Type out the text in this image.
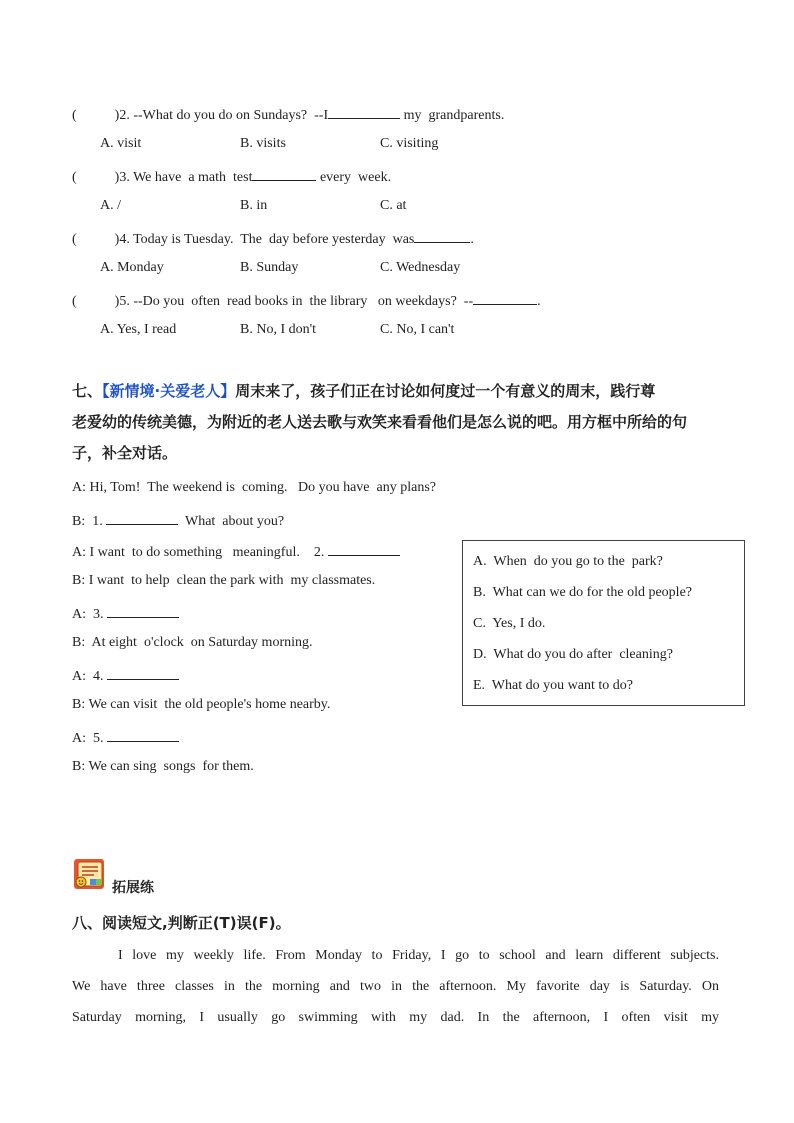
(	)2. --What do you do on Sundays?  --I	my  grandparents.
A. visit	B. visits	C. visiting
(	)3. We have  a math  test	every  week.
A. /	B. in	C. at
(	)4. Today is Tuesday.  The  day before yesterday  was	.
A. Monday	B. Sunday	C. Wednesday
(	)5. --Do you  often  read books in  the library   on weekdays?  --	.
A. Yes, I read	B. No, I don't	C. No, I can't
七、【新情境·关爱老人】周末来了，孩子们正在讨论如何度过一个有意义的周末，践行尊
老爱幼的传统美德，为附近的老人送去歌与欢笑来看看他们是怎么说的吧。用方框中所给的句
子，补全对话。
A: Hi, Tom!  The weekend is  coming.   Do you have  any plans?
B:  1.	What  about you?
A: I want  to do something   meaningful.    2.
B: I want  to help  clean the park with  my classmates.
A:  3.
B:  At eight  o'clock  on Saturday morning.
A:  4.
B: We can visit  the old people's home nearby.
A:  5.
B: We can sing  songs  for them.
A.  When  do you go to the  park?
B.  What can we do for the old people?
C.  Yes, I do.
D.  What do you do after  cleaning?
E.  What do you want to do?
拓展练
八、阅读短文,判断正(T)误(F)。
I love my weekly life. From Monday to Friday, I go to school and learn different subjects.
We have three classes in the morning and two in the afternoon. My favorite day is Saturday. On
Saturday morning, I usually go swimming with my dad. In the afternoon, I often visit my
